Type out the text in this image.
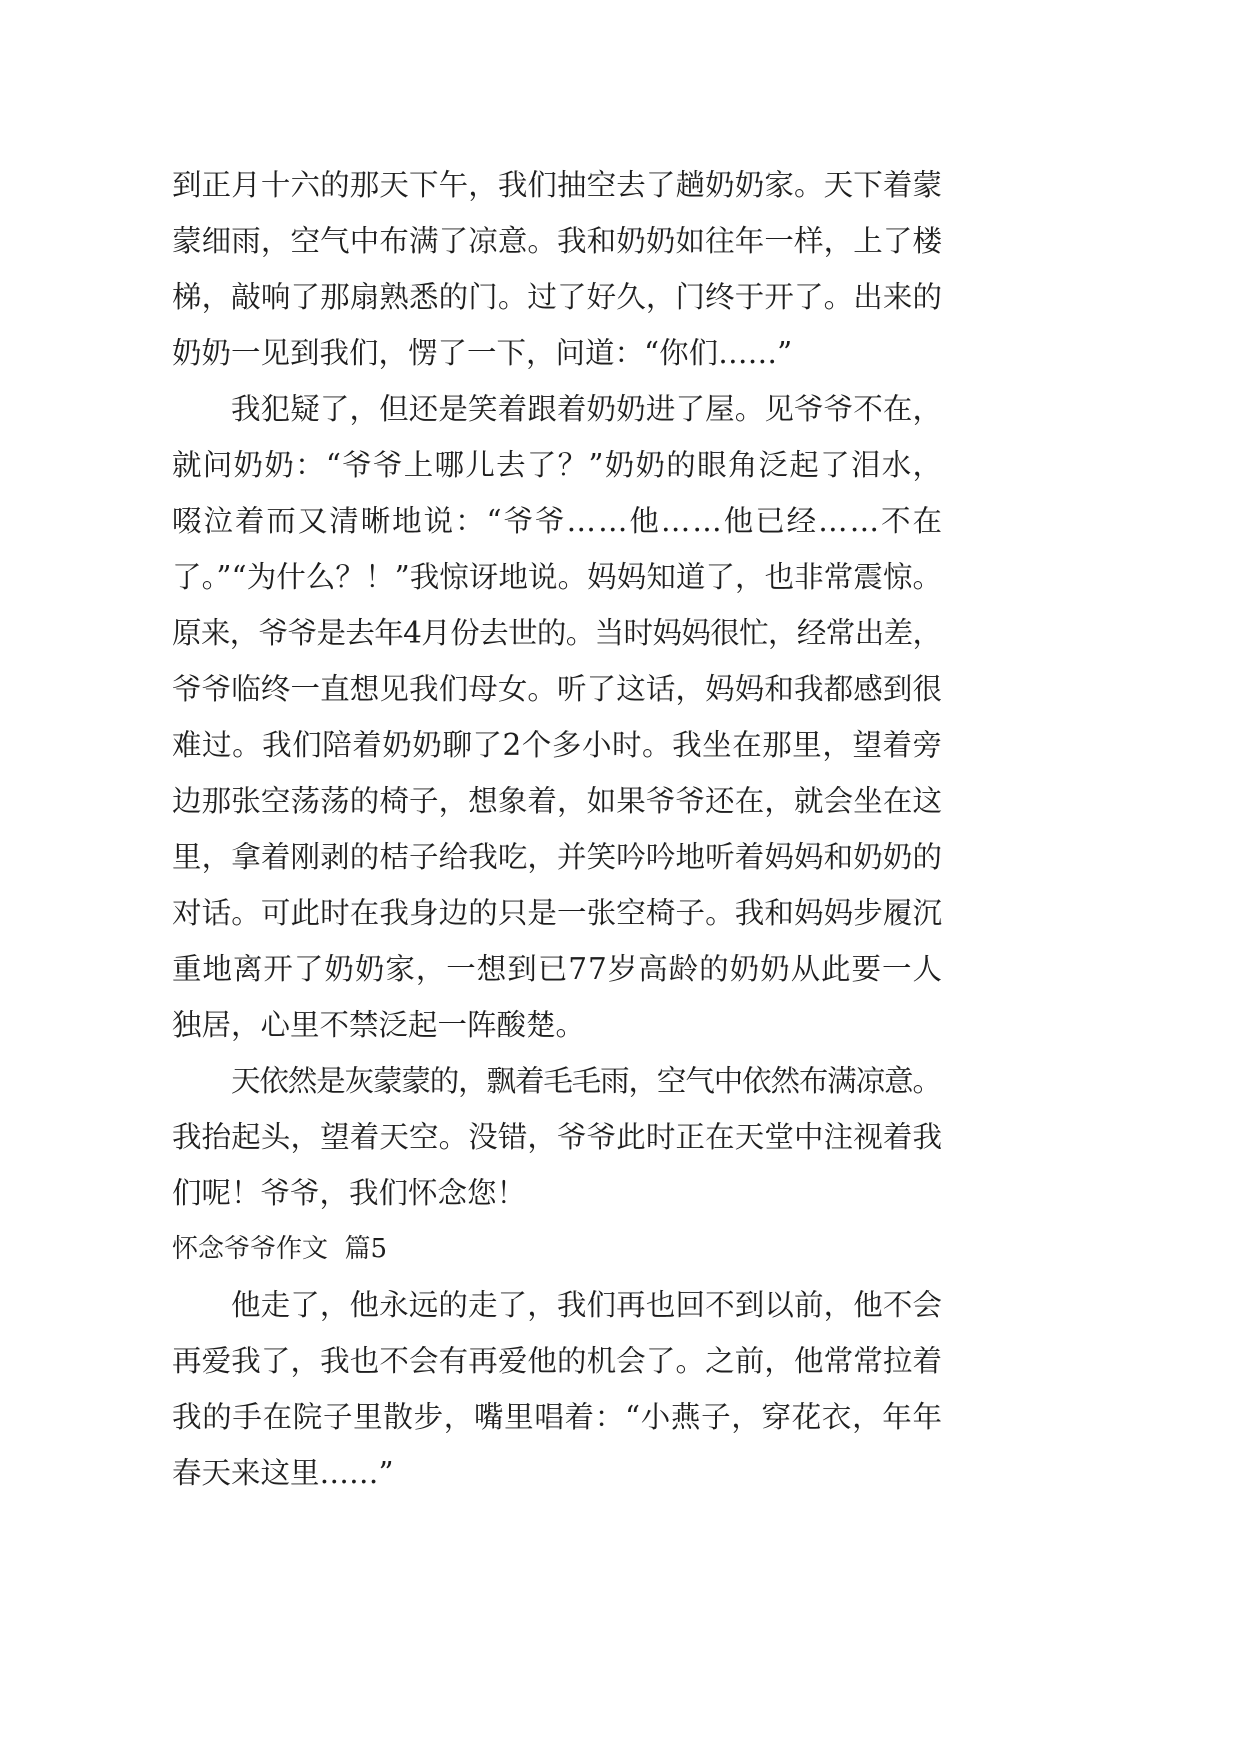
到正月十六的那天下午，我们抽空去了趟奶奶家。天下着蒙
蒙细雨，空气中布满了凉意。我和奶奶如往年一样，上了楼
梯，敲响了那扇熟悉的门。过了好久，门终于开了。出来的
奶奶一见到我们，愣了一下，问道：“你们……”
我犯疑了，但还是笑着跟着奶奶进了屋。见爷爷不在，
就问奶奶：“爷爷上哪儿去了？”奶奶的眼角泛起了泪水，
啜泣着而又清晰地说：“爷爷……他……他已经……不在
了。”“为什么？！”我惊讶地说。妈妈知道了，也非常震惊。
原来，爷爷是去年4月份去世的。当时妈妈很忙，经常出差，
爷爷临终一直想见我们母女。听了这话，妈妈和我都感到很
难过。我们陪着奶奶聊了2个多小时。我坐在那里，望着旁
边那张空荡荡的椅子，想象着，如果爷爷还在，就会坐在这
里，拿着刚剥的桔子给我吃，并笑吟吟地听着妈妈和奶奶的
对话。可此时在我身边的只是一张空椅子。我和妈妈步履沉
重地离开了奶奶家，一想到已77岁高龄的奶奶从此要一人
独居，心里不禁泛起一阵酸楚。
天依然是灰蒙蒙的，飘着毛毛雨，空气中依然布满凉意。
我抬起头，望着天空。没错，爷爷此时正在天堂中注视着我
们呢！爷爷，我们怀念您！
怀念爷爷作文  篇5
他走了，他永远的走了，我们再也回不到以前，他不会
再爱我了，我也不会有再爱他的机会了。之前，他常常拉着
我的手在院子里散步，嘴里唱着：“小燕子，穿花衣，年年
春天来这里……”
